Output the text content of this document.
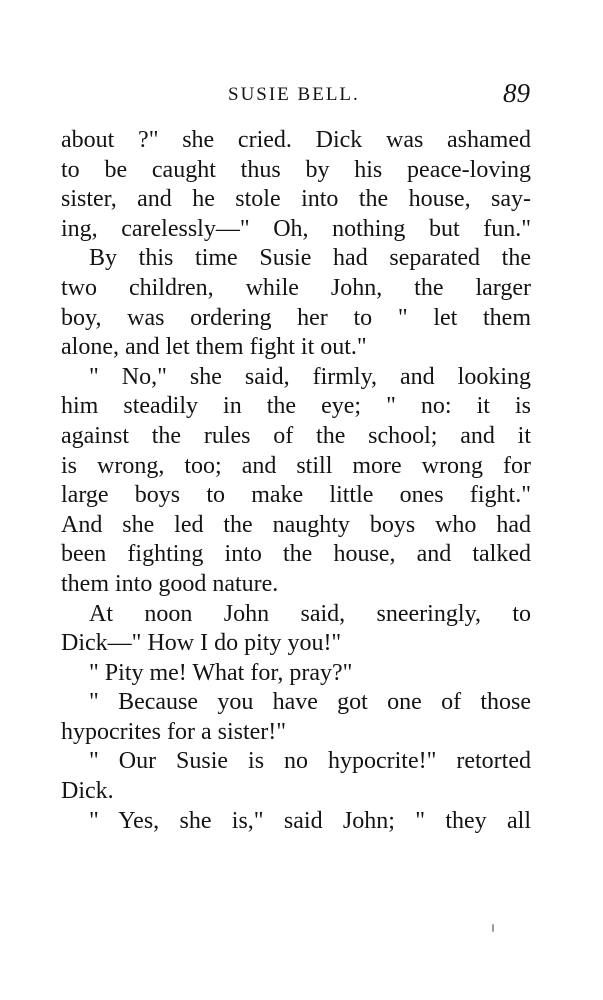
SUSIE BELL.	89
about ?" she cried. Dick was ashamed
to be caught thus by his peace-loving
sister, and he stole into the house, say-
ing, carelessly—" Oh, nothing but fun."
By this time Susie had separated the
two children, while John, the larger
boy, was ordering her to " let them
alone, and let them fight it out."
" No," she said, firmly, and looking
him steadily in the eye; " no: it is
against the rules of the school; and it
is wrong, too; and still more wrong for
large boys to make little ones fight."
And she led the naughty boys who had
been fighting into the house, and talked
them into good nature.
At noon John said, sneeringly, to
Dick—" How I do pity you!"
" Pity me! What for, pray?"
" Because you have got one of those
hypocrites for a sister!"
" Our Susie is no hypocrite!" retorted
Dick.
" Yes, she is," said John; " they all
